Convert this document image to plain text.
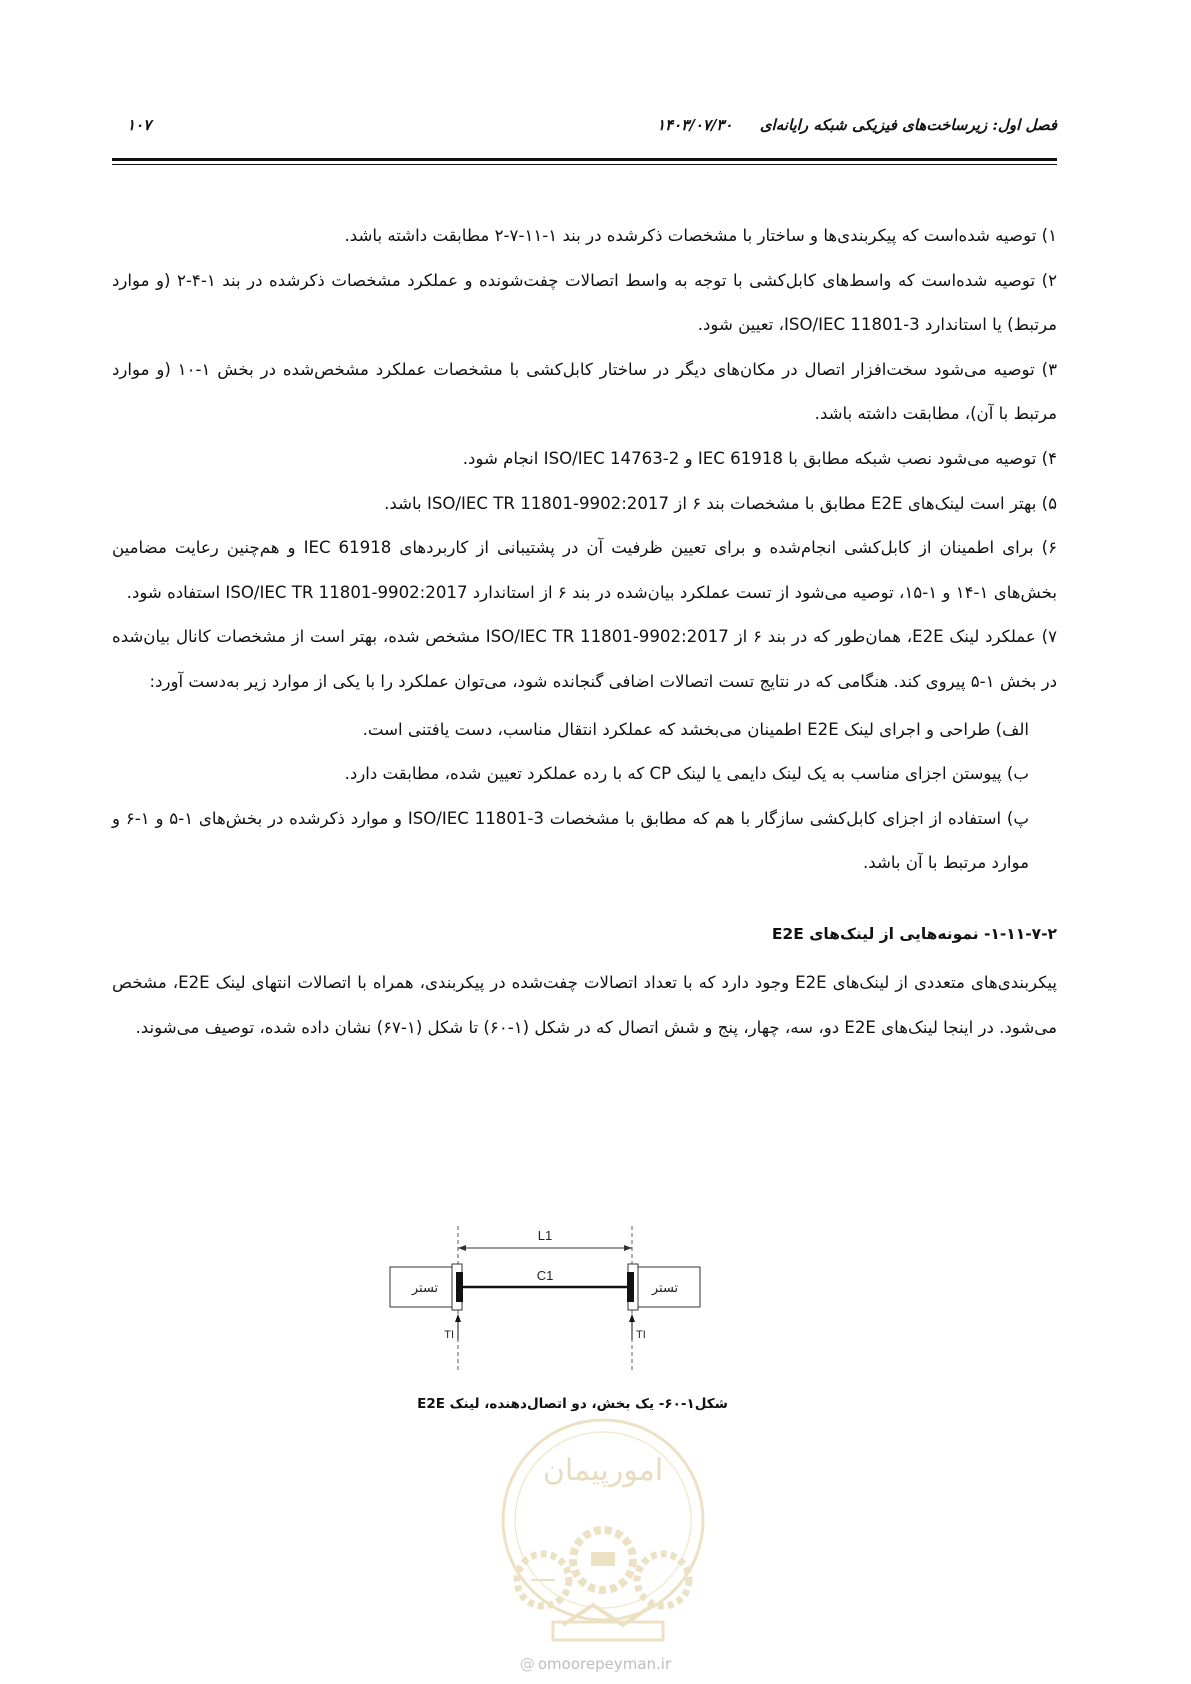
فصل اول: زیرساخت‌های فیزیکی شبکه رایانه‌ای
۱۴۰۳/۰۷/۳۰
۱۰۷

۱) توصیه شده‌است که پیکربندی‌ها و ساختار با مشخصات ذکرشده در بند ۱-۱۱-۷-۲ مطابقت داشته باشد.

۲) توصیه شده‌است که واسط‌های کابل‌کشی با توجه به واسط اتصالات چفت‌شونده و عملکرد مشخصات ذکرشده در بند ۱-۴-۲ (و موارد مرتبط) یا استاندارد ISO/IEC 11801-3، تعیین شود.

۳) توصیه می‌شود سخت‌افزار اتصال در مکان‌های دیگر در ساختار کابل‌کشی با مشخصات عملکرد مشخص‌شده در بخش ۱-۱۰ (و موارد مرتبط با آن)، مطابقت داشته باشد.

۴) توصیه می‌شود نصب شبکه مطابق با IEC 61918 و ISO/IEC 14763-2 انجام شود.

۵) بهتر است لینک‌های E2E مطابق با مشخصات بند ۶ از ISO/IEC TR 11801-9902:2017 باشد.

۶) برای اطمینان از کابل‌کشی انجام‌شده و برای تعیین ظرفیت آن در پشتیبانی از کاربردهای IEC 61918 و هم‌چنین رعایت مضامین بخش‌های ۱-۱۴ و ۱-۱۵، توصیه می‌شود از تست عملکرد بیان‌شده در بند ۶ از استاندارد ISO/IEC TR 11801-9902:2017 استفاده شود.

۷) عملکرد لینک E2E، همان‌طور که در بند ۶ از ISO/IEC TR 11801-9902:2017 مشخص شده، بهتر است از مشخصات کانال بیان‌شده در بخش ۱-۵ پیروی کند. هنگامی که در نتایج تست اتصالات اضافی گنجانده شود، می‌توان عملکرد را با یکی از موارد زیر به‌دست آورد:

الف) طراحی و اجرای لینک E2E اطمینان می‌بخشد که عملکرد انتقال مناسب، دست یافتنی است.

ب) پیوستن اجزای مناسب به یک لینک دایمی یا لینک CP که با رده عملکرد تعیین شده، مطابقت دارد.

پ) استفاده از اجزای کابل‌کشی سازگار با هم که مطابق با مشخصات ISO/IEC 11801-3 و موارد ذکرشده در بخش‌های ۱-۵ و ۱-۶ و موارد مرتبط با آن باشد.

۱-۱۱-۷-۲- نمونه‌هایی از لینک‌های E2E

پیکربندی‌های متعددی از لینک‌های E2E وجود دارد که با تعداد اتصالات چفت‌شده در پیکربندی، همراه با اتصالات انتهای لینک E2E، مشخص می‌شود. در اینجا لینک‌های E2E دو، سه، چهار، پنج و شش اتصال که در شکل (۱-۶۰) تا شکل (۱-۶۷) نشان داده شده، توصیف می‌شوند.

L1
تستر	تستر
C1
TI	TI
شکل۱-۶۰- یک بخش، دو اتصال‌دهنده، لینک E2E
امورپیمان
@ omoorepeyman.ir
